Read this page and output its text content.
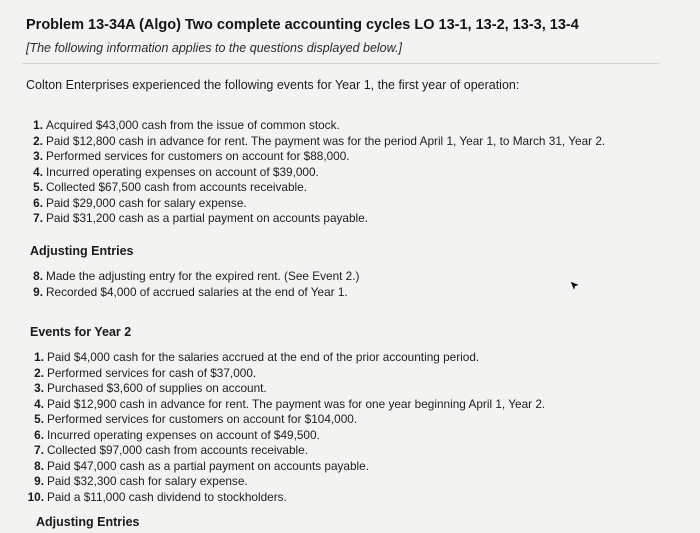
Problem 13-34A (Algo) Two complete accounting cycles LO 13-1, 13-2, 13-3, 13-4
[The following information applies to the questions displayed below.]
Colton Enterprises experienced the following events for Year 1, the first year of operation:
1. Acquired $43,000 cash from the issue of common stock.
2. Paid $12,800 cash in advance for rent. The payment was for the period April 1, Year 1, to March 31, Year 2.
3. Performed services for customers on account for $88,000.
4. Incurred operating expenses on account of $39,000.
5. Collected $67,500 cash from accounts receivable.
6. Paid $29,000 cash for salary expense.
7. Paid $31,200 cash as a partial payment on accounts payable.
Adjusting Entries
8. Made the adjusting entry for the expired rent. (See Event 2.)
9. Recorded $4,000 of accrued salaries at the end of Year 1.
Events for Year 2
1. Paid $4,000 cash for the salaries accrued at the end of the prior accounting period.
2. Performed services for cash of $37,000.
3. Purchased $3,600 of supplies on account.
4. Paid $12,900 cash in advance for rent. The payment was for one year beginning April 1, Year 2.
5. Performed services for customers on account for $104,000.
6. Incurred operating expenses on account of $49,500.
7. Collected $97,000 cash from accounts receivable.
8. Paid $47,000 cash as a partial payment on accounts payable.
9. Paid $32,300 cash for salary expense.
10. Paid a $11,000 cash dividend to stockholders.
Adjusting Entries
